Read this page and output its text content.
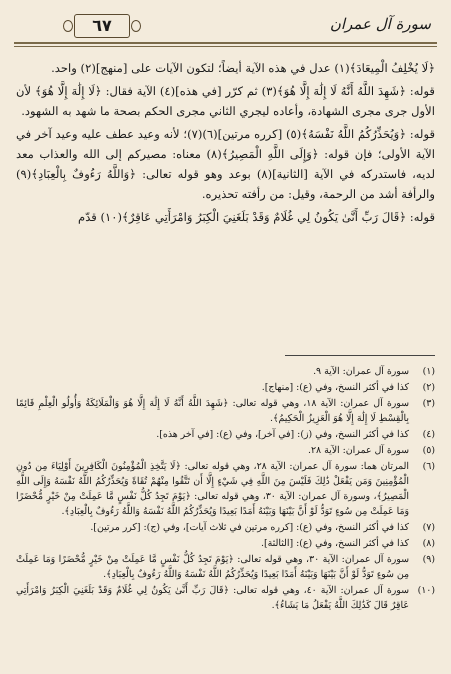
٦٧	سورة آل عمران

﴿لَا يُخْلِفُ الْمِيعَادَ﴾(١) عدل في هذه الآية أيضاً؛ لتكون الآيات على [منهج](٢) واحد.

قوله: ﴿شَهِدَ اللَّهُ أَنَّهُ لَا إِلَٰهَ إِلَّا هُوَ﴾(٣) ثم كرّر [في هذه](٤) الآية فقال: ﴿لَا إِلَٰهَ إِلَّا هُوَ﴾ لأن الأول جرى مجرى الشهادة، وأعاده ليجري الثاني مجرى الحكم بصحة ما شهد به الشهود.

قوله: ﴿وَيُحَذِّرُكُمُ اللَّهُ نَفْسَهُ﴾(٥) [كرره مرتين](٦)(٧)؛ لأنه وعيد عطف عليه وعيد آخر في الآية الأولى؛ فإن قوله: ﴿وَإِلَى اللَّهِ الْمَصِيرُ﴾(٨) معناه: مصيركم إلى الله والعذاب معد لديه، فاستدركه في الآية [الثانية](٨) بوعد وهو قوله تعالى: ﴿وَاللَّهُ رَءُوفٌ بِالْعِبَادِ﴾(٩) والرأفة أشد من الرحمة، وقيل: من رأفته تحذيره.

قوله: ﴿قَالَ رَبِّ أَنَّىٰ يَكُونُ لِي غُلَامٌ وَقَدْ بَلَغَنِيَ الْكِبَرُ وَامْرَأَتِي عَاقِرٌ﴾(١٠) قدّم

(١)
سورة آل عمران: الآية ٩.
(٢)
كذا في أكثر النسخ، وفي (ع): [منهاج].
(٣)
سورة آل عمران: الآية ١٨، وهي قوله تعالى: ﴿شَهِدَ اللَّهُ أَنَّهُ لَا إِلَٰهَ إِلَّا هُوَ وَالْمَلَائِكَةُ وَأُولُو الْعِلْمِ قَائِمًا بِالْقِسْطِ لَا إِلَٰهَ إِلَّا هُوَ الْعَزِيزُ الْحَكِيمُ﴾.
(٤)
كذا في أكثر النسخ، وفي (ز): [في آخر]، وفي (ع): [في آخر هذه].
(٥)
سورة آل عمران: الآية ٢٨.
(٦)
المرتان هما: سورة آل عمران: الآية ٢٨، وهي قوله تعالى: ﴿لَا يَتَّخِذِ الْمُؤْمِنُونَ الْكَافِرِينَ أَوْلِيَاءَ مِن دُونِ الْمُؤْمِنِينَ وَمَن يَفْعَلْ ذَٰلِكَ فَلَيْسَ مِنَ اللَّهِ فِي شَيْءٍ إِلَّا أَن تَتَّقُوا مِنْهُمْ تُقَاةً وَيُحَذِّرُكُمُ اللَّهُ نَفْسَهُ وَإِلَى اللَّهِ الْمَصِيرُ﴾، وسورة آل عمران: الآية ٣٠، وهي قوله تعالى: ﴿يَوْمَ تَجِدُ كُلُّ نَفْسٍ مَّا عَمِلَتْ مِنْ خَيْرٍ مُّحْضَرًا وَمَا عَمِلَتْ مِن سُوءٍ تَوَدُّ لَوْ أَنَّ بَيْنَهَا وَبَيْنَهُ أَمَدًا بَعِيدًا وَيُحَذِّرُكُمُ اللَّهُ نَفْسَهُ وَاللَّهُ رَءُوفٌ بِالْعِبَادِ﴾.
(٧)
كذا في أكثر النسخ، وفي (ع): [كرره مرتين في ثلاث آيات]، وفي (ج): [كرر مرتين].
(٨)
كذا في أكثر النسخ، وفي (ع): [الثالثة].
(٩)
سورة آل عمران: الآية ٣٠، وهي قوله تعالى: ﴿يَوْمَ تَجِدُ كُلُّ نَفْسٍ مَّا عَمِلَتْ مِنْ خَيْرٍ مُّحْضَرًا وَمَا عَمِلَتْ مِن سُوءٍ تَوَدُّ لَوْ أَنَّ بَيْنَهَا وَبَيْنَهُ أَمَدًا بَعِيدًا وَيُحَذِّرُكُمُ اللَّهُ نَفْسَهُ وَاللَّهُ رَءُوفٌ بِالْعِبَادِ﴾.
(١٠)
سورة آل عمران: الآية ٤٠، وهي قوله تعالى: ﴿قَالَ رَبِّ أَنَّىٰ يَكُونُ لِي غُلَامٌ وَقَدْ بَلَغَنِيَ الْكِبَرُ وَامْرَأَتِي عَاقِرٌ قَالَ كَذَٰلِكَ اللَّهُ يَفْعَلُ مَا يَشَاءُ﴾.
